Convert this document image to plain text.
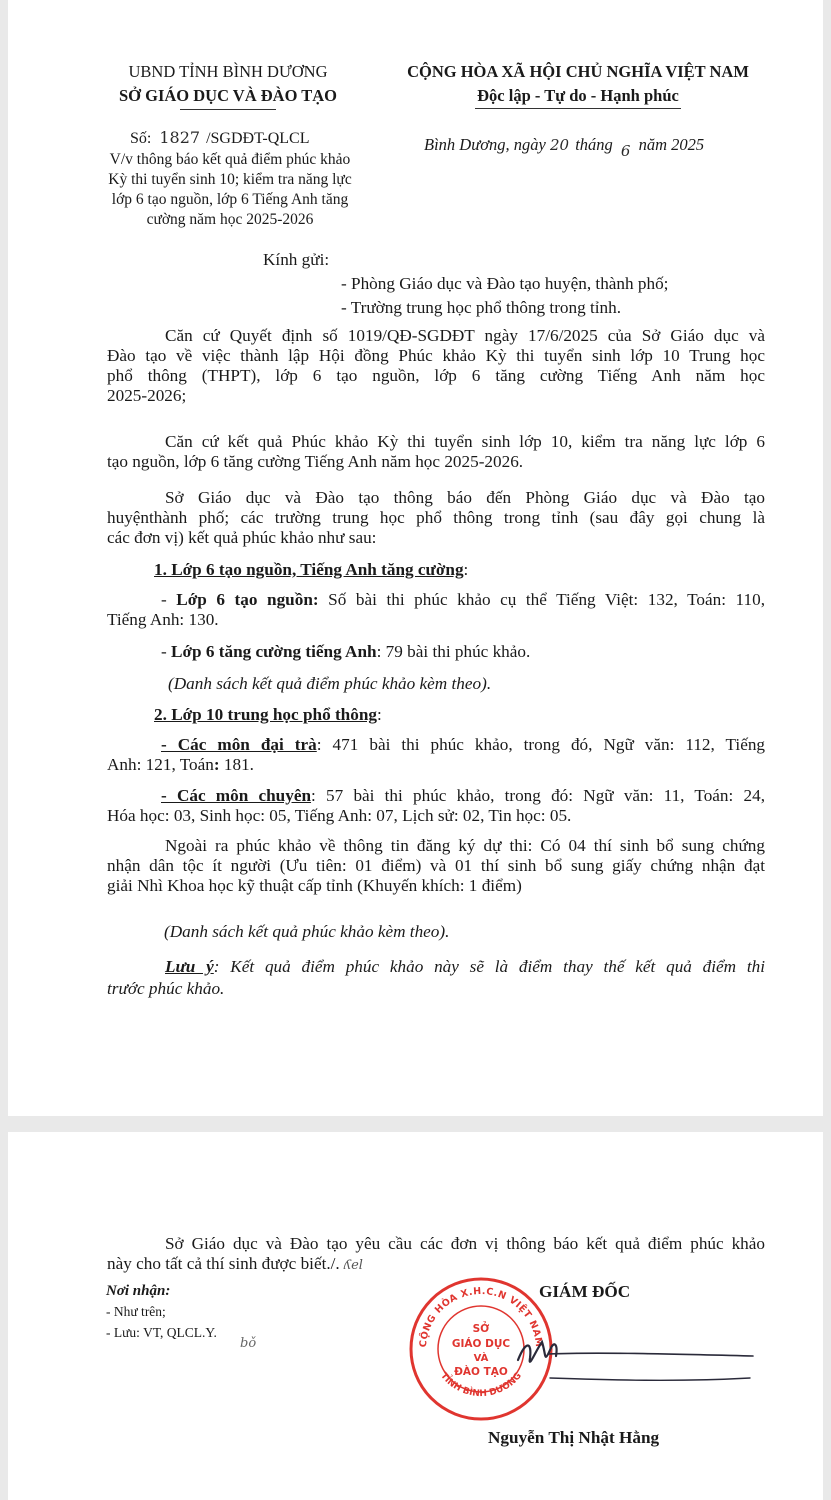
UBND TỈNH BÌNH DƯƠNG
SỞ GIÁO DỤC VÀ ĐÀO TẠO
CỘNG HÒA XÃ HỘI CHỦ NGHĨA VIỆT NAM
Độc lập - Tự do - Hạnh phúc
Số: 1827 /SGDĐT-QLCL
V/v thông báo kết quả điểm phúc khảo
Kỳ thi tuyển sinh 10; kiểm tra năng lực
lớp 6 tạo nguồn, lớp 6 Tiếng Anh tăng
cường năm học 2025-2026
Bình Dương, ngày 20 tháng 6 năm 2025
Kính gửi:
- Phòng Giáo dục và Đào tạo huyện, thành phố;
- Trường trung học phổ thông trong tỉnh.
Căn cứ Quyết định số 1019/QĐ-SGDĐT ngày 17/6/2025 của Sở Giáo dục và
Đào tạo về việc thành lập Hội đồng Phúc khảo Kỳ thi tuyển sinh lớp 10 Trung học
phổ thông (THPT), lớp 6 tạo nguồn, lớp 6 tăng cường Tiếng Anh năm học
2025-2026;
Căn cứ kết quả Phúc khảo Kỳ thi tuyển sinh lớp 10, kiểm tra năng lực lớp 6
tạo nguồn, lớp 6 tăng cường Tiếng Anh năm học 2025-2026.
Sở Giáo dục và Đào tạo thông báo đến Phòng Giáo dục và Đào tạo
huyệnthành phố; các trường trung học phổ thông trong tỉnh (sau đây gọi chung là
các đơn vị) kết quả phúc khảo như sau:
1. Lớp 6 tạo nguồn, Tiếng Anh tăng cường:
- Lớp 6 tạo nguồn: Số bài thi phúc khảo cụ thể Tiếng Việt: 132, Toán: 110,
Tiếng Anh: 130.
- Lớp 6 tăng cường tiếng Anh: 79 bài thi phúc khảo.
(Danh sách kết quả điểm phúc khảo kèm theo).
2. Lớp 10 trung học phổ thông:
- Các môn đại trà: 471 bài thi phúc khảo, trong đó, Ngữ văn: 112, Tiếng
Anh: 121, Toán: 181.
- Các môn chuyên: 57 bài thi phúc khảo, trong đó: Ngữ văn: 11, Toán: 24,
Hóa học: 03, Sinh học: 05, Tiếng Anh: 07, Lịch sử: 02, Tin học: 05.
Ngoài ra phúc khảo về thông tin đăng ký dự thi: Có 04 thí sinh bổ sung chứng
nhận dân tộc ít người (Ưu tiên: 01 điểm) và 01 thí sinh bổ sung giấy chứng nhận đạt
giải Nhì Khoa học kỹ thuật cấp tỉnh (Khuyến khích: 1 điểm)
(Danh sách kết quả phúc khảo kèm theo).
Lưu ý: Kết quả điểm phúc khảo này sẽ là điểm thay thế kết quả điểm thi
trước phúc khảo.
Sở Giáo dục và Đào tạo yêu cầu các đơn vị thông báo kết quả điểm phúc khảo
này cho tất cả thí sinh được biết./. ʎel
Nơi nhận:
- Như trên;
- Lưu: VT, QLCL.Y.
bǒ
GIÁM ĐỐC
CỘNG HÒA X.H.C.N VIỆT NAM
TỈNH BÌNH DƯƠNG
SỞ
GIÁO DỤC
VÀ
ĐÀO TẠO
Nguyễn Thị Nhật Hằng
